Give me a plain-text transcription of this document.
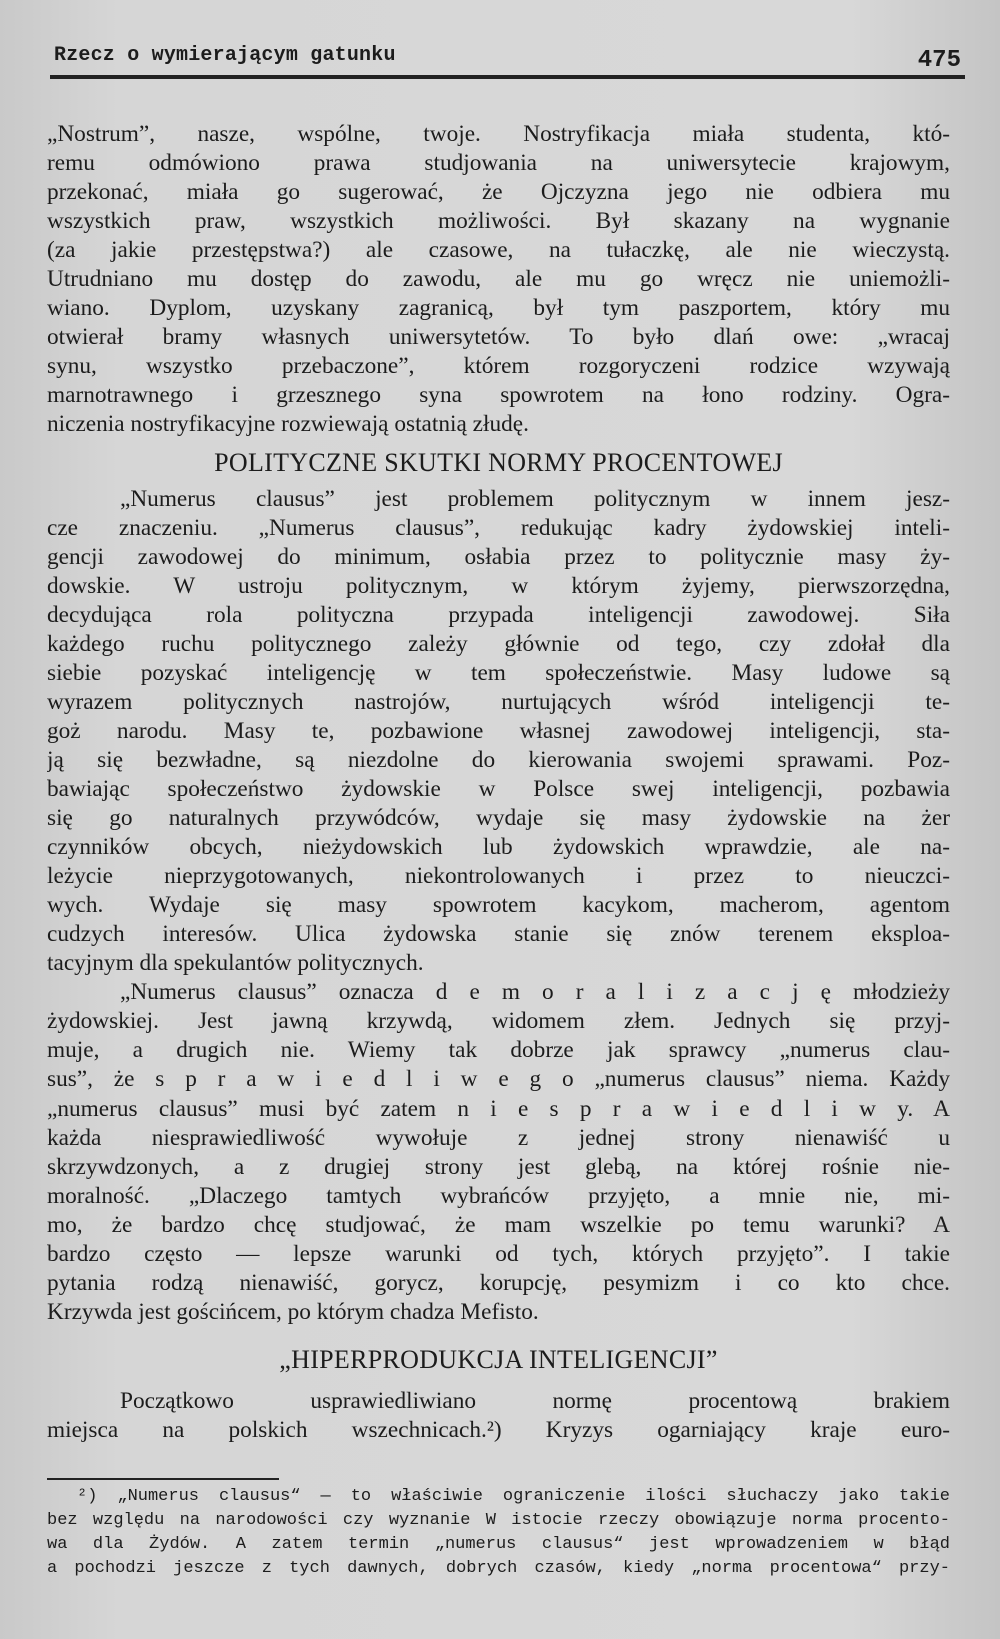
Rzecz o wymierającym gatunku	475
„Nostrum”, nasze, wspólne, twoje. Nostryfikacja miała studenta, któ-
remu odmówiono prawa studjowania na uniwersytecie krajowym,
przekonać, miała go sugerować, że Ojczyzna jego nie odbiera mu
wszystkich praw, wszystkich możliwości. Był skazany na wygnanie
(za jakie przestępstwa?) ale czasowe, na tułaczkę, ale nie wieczystą.
Utrudniano mu dostęp do zawodu, ale mu go wręcz nie uniemożli-
wiano. Dyplom, uzyskany zagranicą, był tym paszportem, który mu
otwierał bramy własnych uniwersytetów. To było dlań owe: „wracaj
synu, wszystko przebaczone”, którem rozgoryczeni rodzice wzywają
marnotrawnego i grzesznego syna spowrotem na łono rodziny. Ogra-
niczenia nostryfikacyjne rozwiewają ostatnią złudę.
POLITYCZNE SKUTKI NORMY PROCENTOWEJ
„Numerus clausus” jest problemem politycznym w innem jesz-
cze znaczeniu. „Numerus clausus”, redukując kadry żydowskiej inteli-
gencji zawodowej do minimum, osłabia przez to politycznie masy ży-
dowskie. W ustroju politycznym, w którym żyjemy, pierwszorzędna,
decydująca rola polityczna przypada inteligencji zawodowej. Siła
każdego ruchu politycznego zależy głównie od tego, czy zdołał dla
siebie pozyskać inteligencję w tem społeczeństwie. Masy ludowe są
wyrazem politycznych nastrojów, nurtujących wśród inteligencji te-
goż narodu. Masy te, pozbawione własnej zawodowej inteligencji, sta-
ją się bezwładne, są niezdolne do kierowania swojemi sprawami. Poz-
bawiając społeczeństwo żydowskie w Polsce swej inteligencji, pozbawia
się go naturalnych przywódców, wydaje się masy żydowskie na żer
czynników obcych, nieżydowskich lub żydowskich wprawdzie, ale na-
leżycie nieprzygotowanych, niekontrolowanych i przez to nieuczci-
wych. Wydaje się masy spowrotem kacykom, macherom, agentom
cudzych interesów. Ulica żydowska stanie się znów terenem eksploa-
tacyjnym dla spekulantów politycznych.
„Numerus clausus” oznacza d e m o r a l i z a c j ę młodzieży
żydowskiej. Jest jawną krzywdą, widomem złem. Jednych się przyj-
muje, a drugich nie. Wiemy tak dobrze jak sprawcy „numerus clau-
sus”, że s p r a w i e d l i w e g o „numerus clausus” niema. Każdy
„numerus clausus” musi być zatem n i e s p r a w i e d l i w y. A
każda niesprawiedliwość wywołuje z jednej strony nienawiść u
skrzywdzonych, a z drugiej strony jest glebą, na której rośnie nie-
moralność. „Dlaczego tamtych wybrańców przyjęto, a mnie nie, mi-
mo, że bardzo chcę studjować, że mam wszelkie po temu warunki? A
bardzo często — lepsze warunki od tych, których przyjęto”. I takie
pytania rodzą nienawiść, gorycz, korupcję, pesymizm i co kto chce.
Krzywda jest gościńcem, po którym chadza Mefisto.
„HIPERPRODUKCJA INTELIGENCJI”
Początkowo usprawiedliwiano normę procentową brakiem
miejsca na polskich wszechnicach.²) Kryzys ogarniający kraje euro-
²) „Numerus clausus“ — to właściwie ograniczenie ilości słuchaczy jako takie
bez względu na narodowości czy wyznanie W istocie rzeczy obowiązuje norma procento-
wa dla Żydów. A zatem termin „numerus clausus“ jest wprowadzeniem w błąd
a pochodzi jeszcze z tych dawnych, dobrych czasów, kiedy „norma procentowa“ przy-
